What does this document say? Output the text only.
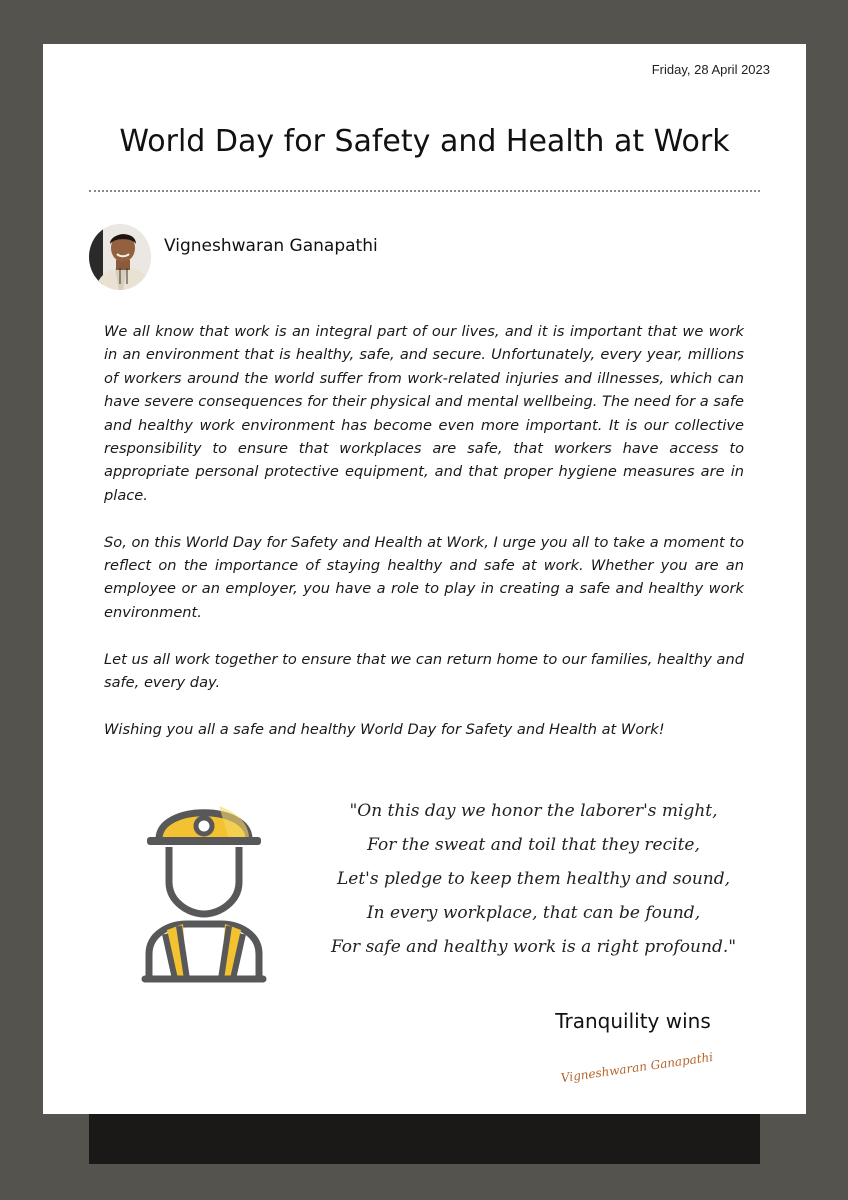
Friday, 28 April 2023
World Day for Safety and Health at Work
Vigneshwaran Ganapathi

We all know that work is an integral part of our lives, and it is important that we work in an environment that is healthy, safe, and secure. Unfortunately, every year, millions of workers around the world suffer from work-related injuries and illnesses, which can have severe consequences for their physical and mental wellbeing. The need for a safe and healthy work environment has become even more important. It is our collective responsibility to ensure that workplaces are safe, that workers have access to appropriate personal protective equipment, and that proper hygiene measures are in place.

So, on this World Day for Safety and Health at Work, I urge you all to take a moment to reflect on the importance of staying healthy and safe at work. Whether you are an employee or an employer, you have a role to play in creating a safe and healthy work environment.

Let us all work together to ensure that we can return home to our families, healthy and safe, every day.

Wishing you all a safe and healthy World Day for Safety and Health at Work!

"On this day we honor the laborer's might,
For the sweat and toil that they recite,
Let's pledge to keep them healthy and sound,
In every workplace, that can be found,
For safe and healthy work is a right profound."
Tranquility wins
Vigneshwaran Ganapathi
